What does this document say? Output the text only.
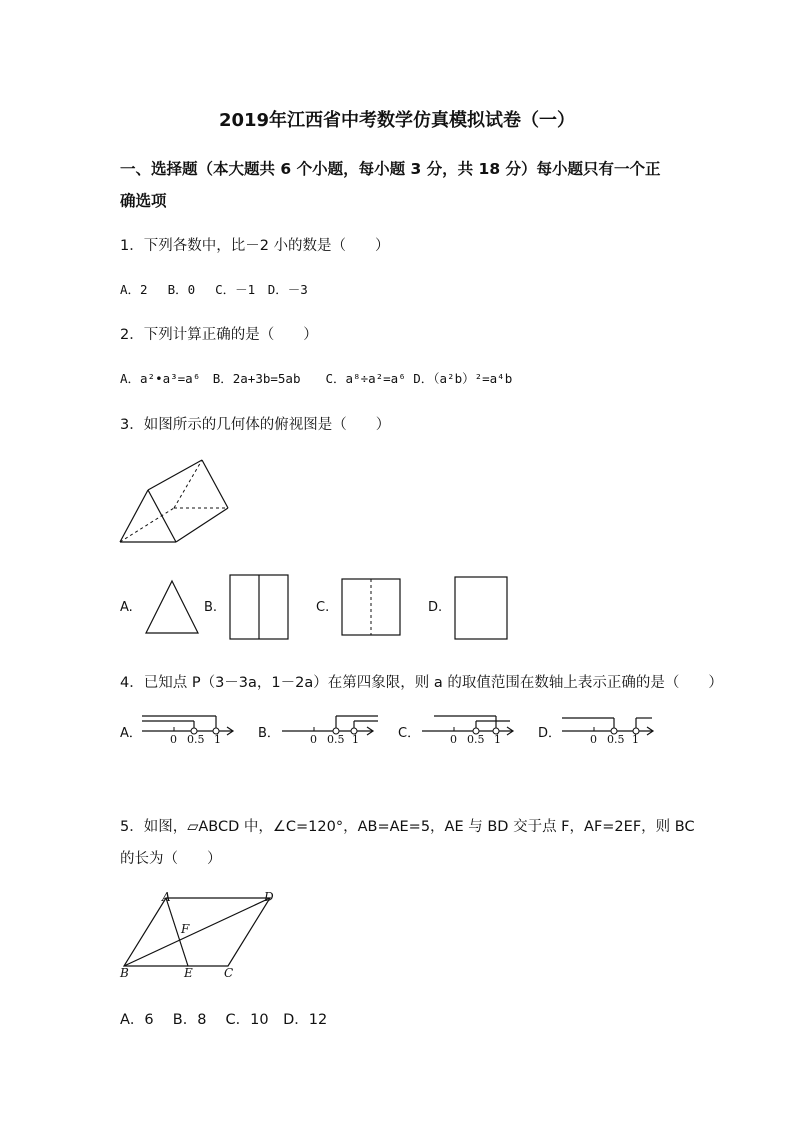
2019年江西省中考数学仿真模拟试卷（一）
一、选择题（本大题共 6 个小题，每小题 3 分，共 18 分）每小题只有一个正
确选项
1．下列各数中，比－2 小的数是（　　）
A．2　 B．0　 C．－1　D．－3
2．下列计算正确的是（　　）
A．a²•a³=a⁶　B．2a+3b=5ab　　C．a⁸÷a²=a⁶ D．（a²b）²=a⁴b
3．如图所示的几何体的俯视图是（　　）
A.	B.	C.	D.
4．已知点 P（3－3a，1－2a）在第四象限，则 a 的取值范围在数轴上表示正确的是（　　）
A．	0 0.5 1	B．	0 0.5 1	C．	0 0.5 1	D．	0 0.5 1
5．如图，▱ABCD 中，∠C=120°，AB=AE=5，AE 与 BD 交于点 F，AF=2EF，则 BC
的长为（　　）
A	D
F
B	E	C
A．6　 B．8　 C．10　D．12
